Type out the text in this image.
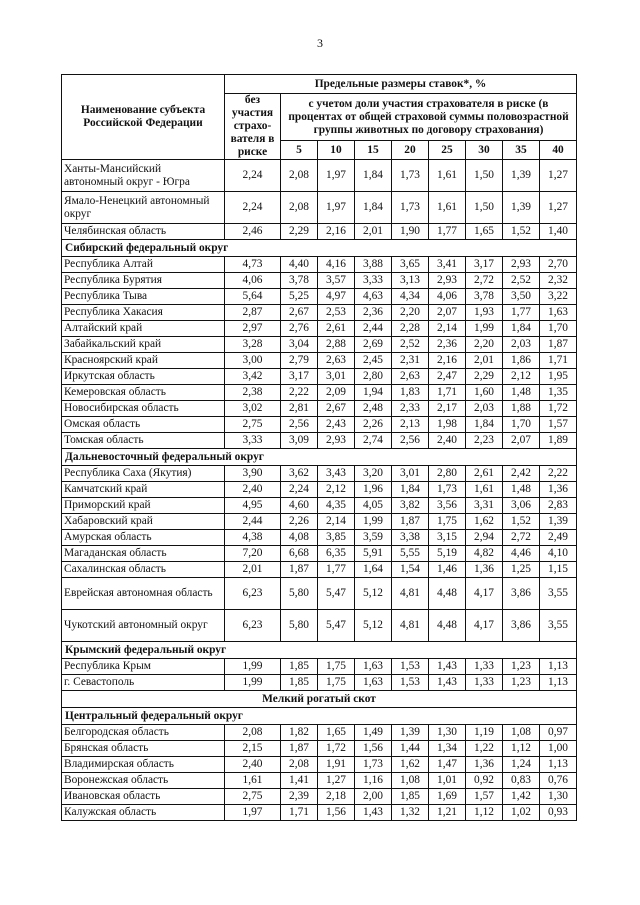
3
Наименование субъекта Российской Федерации	Предельные размеры ставок*, %								
	без участия страхо-вателя в риске	с учетом доли участия страхователя в риске (в процентах от общей страховой суммы половозрастной группы животных по договору страхования)							
		5	10	15	20	25	30	35	40
Ханты-Мансийский автономный округ - Югра	2,24	2,08	1,97	1,84	1,73	1,61	1,50	1,39	1,27
Ямало-Ненецкий автономный округ	2,24	2,08	1,97	1,84	1,73	1,61	1,50	1,39	1,27
Челябинская область	2,46	2,29	2,16	2,01	1,90	1,77	1,65	1,52	1,40
Сибирский федеральный округ									
Республика Алтай	4,73	4,40	4,16	3,88	3,65	3,41	3,17	2,93	2,70
Республика Бурятия	4,06	3,78	3,57	3,33	3,13	2,93	2,72	2,52	2,32
Республика Тыва	5,64	5,25	4,97	4,63	4,34	4,06	3,78	3,50	3,22
Республика Хакасия	2,87	2,67	2,53	2,36	2,20	2,07	1,93	1,77	1,63
Алтайский край	2,97	2,76	2,61	2,44	2,28	2,14	1,99	1,84	1,70
Забайкальский край	3,28	3,04	2,88	2,69	2,52	2,36	2,20	2,03	1,87
Красноярский край	3,00	2,79	2,63	2,45	2,31	2,16	2,01	1,86	1,71
Иркутская область	3,42	3,17	3,01	2,80	2,63	2,47	2,29	2,12	1,95
Кемеровская область	2,38	2,22	2,09	1,94	1,83	1,71	1,60	1,48	1,35
Новосибирская область	3,02	2,81	2,67	2,48	2,33	2,17	2,03	1,88	1,72
Омская область	2,75	2,56	2,43	2,26	2,13	1,98	1,84	1,70	1,57
Томская область	3,33	3,09	2,93	2,74	2,56	2,40	2,23	2,07	1,89
Дальневосточный федеральный округ									
Республика Саха (Якутия)	3,90	3,62	3,43	3,20	3,01	2,80	2,61	2,42	2,22
Камчатский край	2,40	2,24	2,12	1,96	1,84	1,73	1,61	1,48	1,36
Приморский край	4,95	4,60	4,35	4,05	3,82	3,56	3,31	3,06	2,83
Хабаровский край	2,44	2,26	2,14	1,99	1,87	1,75	1,62	1,52	1,39
Амурская область	4,38	4,08	3,85	3,59	3,38	3,15	2,94	2,72	2,49
Магаданская область	7,20	6,68	6,35	5,91	5,55	5,19	4,82	4,46	4,10
Сахалинская область	2,01	1,87	1,77	1,64	1,54	1,46	1,36	1,25	1,15
Еврейская автономная область	6,23	5,80	5,47	5,12	4,81	4,48	4,17	3,86	3,55
Чукотский автономный округ	6,23	5,80	5,47	5,12	4,81	4,48	4,17	3,86	3,55
Крымский федеральный округ									
Республика Крым	1,99	1,85	1,75	1,63	1,53	1,43	1,33	1,23	1,13
г. Севастополь	1,99	1,85	1,75	1,63	1,53	1,43	1,33	1,23	1,13
Мелкий рогатый скот									
Центральный федеральный округ									
Белгородская область	2,08	1,82	1,65	1,49	1,39	1,30	1,19	1,08	0,97
Брянская область	2,15	1,87	1,72	1,56	1,44	1,34	1,22	1,12	1,00
Владимирская область	2,40	2,08	1,91	1,73	1,62	1,47	1,36	1,24	1,13
Воронежская область	1,61	1,41	1,27	1,16	1,08	1,01	0,92	0,83	0,76
Ивановская область	2,75	2,39	2,18	2,00	1,85	1,69	1,57	1,42	1,30
Калужская область	1,97	1,71	1,56	1,43	1,32	1,21	1,12	1,02	0,93
